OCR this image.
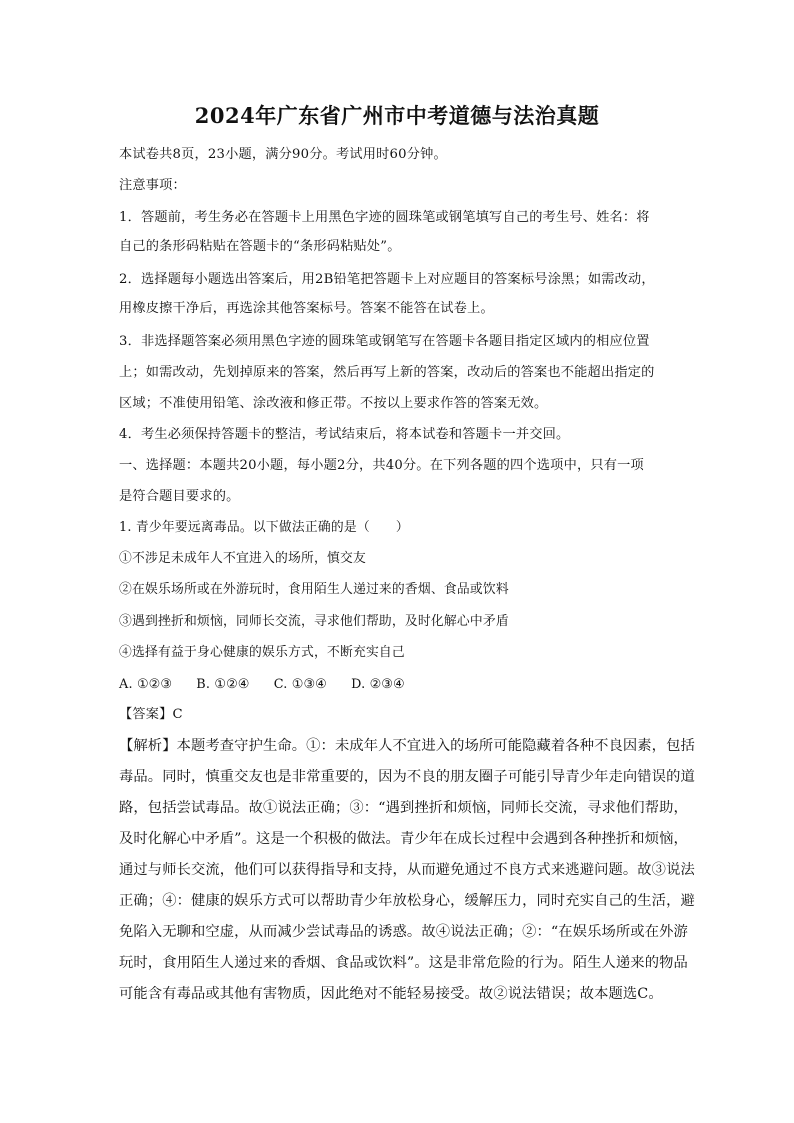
2024年广东省广州市中考道德与法治真题
本试卷共8页，23小题，满分90分。考试用时60分钟。
注意事项：
1．答题前，考生务必在答题卡上用黑色字迹的圆珠笔或钢笔填写自己的考生号、姓名：将
自己的条形码粘贴在答题卡的“条形码粘贴处”。
2．选择题每小题选出答案后，用2B铅笔把答题卡上对应题目的答案标号涂黑；如需改动，
用橡皮擦干净后，再选涂其他答案标号。答案不能答在试卷上。
3．非选择题答案必须用黑色字迹的圆珠笔或钢笔写在答题卡各题目指定区域内的相应位置
上；如需改动，先划掉原来的答案，然后再写上新的答案，改动后的答案也不能超出指定的
区域；不准使用铅笔、涂改液和修正带。不按以上要求作答的答案无效。
4．考生必须保持答题卡的整洁，考试结束后，将本试卷和答题卡一并交回。
一、选择题：本题共20小题，每小题2分，共40分。在下列各题的四个选项中，只有一项
是符合题目要求的。
1. 青少年要远离毒品。以下做法正确的是（　　）
①不涉足未成年人不宜进入的场所，慎交友
②在娱乐场所或在外游玩时，食用陌生人递过来的香烟、食品或饮料
③遇到挫折和烦恼，同师长交流，寻求他们帮助，及时化解心中矛盾
④选择有益于身心健康的娱乐方式，不断充实自己
A. ①②③ B. ①②④ C. ①③④ D. ②③④
【答案】C
【解析】本题考查守护生命。①：未成年人不宜进入的场所可能隐藏着各种不良因素，包括
毒品。同时，慎重交友也是非常重要的，因为不良的朋友圈子可能引导青少年走向错误的道
路，包括尝试毒品。故①说法正确；③：“遇到挫折和烦恼，同师长交流，寻求他们帮助，
及时化解心中矛盾”。这是一个积极的做法。青少年在成长过程中会遇到各种挫折和烦恼，
通过与师长交流，他们可以获得指导和支持，从而避免通过不良方式来逃避问题。故③说法
正确；④：健康的娱乐方式可以帮助青少年放松身心，缓解压力，同时充实自己的生活，避
免陷入无聊和空虚，从而减少尝试毒品的诱惑。故④说法正确；②：“在娱乐场所或在外游
玩时，食用陌生人递过来的香烟、食品或饮料”。这是非常危险的行为。陌生人递来的物品
可能含有毒品或其他有害物质，因此绝对不能轻易接受。故②说法错误；故本题选C。
